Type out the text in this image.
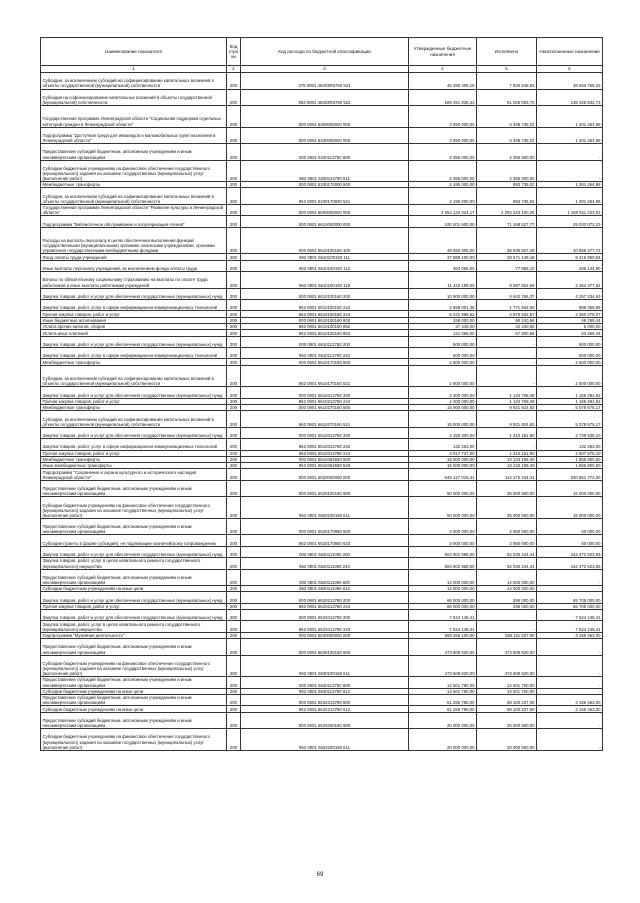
Наименование показателя	Код стро ки	Код расхода по бюджетной классификации	Утвержденные бюджетные назначения	Исполнено	Неисполненные назначения
1	2	3	4	5	6
Субсидии, за исключением субсидий на софинансирование капитальных вложений в объекты государственной (муниципальной) собственности	200	075 0801 48403R5760 521	46 390 406,18	7 826 648,93	38 563 759,23
Субсидии на софинансирование капитальных вложений в объекты государственной (муниципальной) собственности	200	983 0801 48403R5760 522	189 451 836,43	51 025 003,70	138 426 832,73
Государственная программа Ленинградской области "Социальная поддержка отдельных категорий граждан в Ленинградской области"	200	000 0801 5300000000 000	4 550 000,00	3 348 735,02	1 201 264,98
Подпрограмма "Доступная среда для инвалидов и маломобильных групп населения в Ленинградской области"	200	000 0801 5330000000 000	4 550 000,00	3 348 735,02	1 201 264,98
Предоставление субсидий бюджетным, автономным учреждениям и иным некоммерческим организациям	200	000 0801 5330113780 600	2 355 000,00	2 355 000,00	-
Субсидии бюджетным учреждениям на финансовое обеспечение государственного (муниципального) задания на оказание государственных (муниципальных) услуг (выполнение работ)	200	962 0801 5330113780 611	2 355 000,00	2 355 000,00	-
Межбюджетные трансферты	200	000 0801 5330170000 500	2 195 000,00	993 735,02	1 201 264,98
Субсидии, за исключением субсидий на софинансирование капитальных вложений в объекты государственной (муниципальной) собственности	200	962 0801 5330170930 521	2 195 000,00	993 735,02	1 201 264,98
Государственная программа Ленинградской области "Развитие культуры в Ленинградской области"	200	000 0801 6600000000 000	3 654 134 324,17	2 293 223 100,26	1 360 911 223,91
Подпрограмма "Библиотечное обслуживание и популяризация чтения"	200	000 0801 6610000000 000	100 201 600,00	71 168 527,77	29 033 072,23
Расходы на выплаты персоналу в целях обеспечения выполнения функций государственными (муниципальными) органами, казенными учреждениями, органами управления государственными внебюджетными фондами	200	000 0801 6610100160 100	49 693 305,00	38 836 827,28	10 856 477,72
Фонд оплаты труда учреждений	200	962 0801 6610100160 111	37 888 100,00	28 671 149,46	9 216 950,54
Иные выплаты персоналу учреждений, за исключением фонда оплаты труда	200	962 0801 6610100160 112	363 066,00	77 855,10	285 144,90
Взносы по обязательному социальному страхованию на выплаты по оплате труда работников и иные выплаты работникам учреждений	200	962 0801 6610100160 119	11 442 199,00	9 087 822,69	2 354 377,32
Закупка товаров, работ и услуг для обеспечения государственных (муниципальных) нужд	200	000 0801 6610100160 200	10 900 000,00	6 642 765,37	4 257 234,63
Закупка товаров, работ, услуг в сфере информационно-коммуникационных технологий	200	962 0801 6610100160 242	2 658 001,38	1 771 942,60	886 058,58
Прочая закупка товаров, работ и услуг	200	962 0801 6610100160 244	8 231 998,62	4 870 922,57	3 360 076,07
Иные бюджетные ассигнования	200	000 0801 6610100160 800	158 000,00	90 240,56	69 259,44
Уплата прочих налогов, сборов	200	962 0801 6610100160 852	37 449,00	32 440,00	5 000,00
Уплата иных платежей	200	962 0801 6610100160 853	121 066,00	57 800,56	63 259,44
Закупка товаров, работ и услуг для обеспечения государственных (муниципальных) нужд	200	000 0801 6610113780 200	500 000,00	-	500 000,00
Закупка товаров, работ, услуг в сфере информационно-коммуникационных технологий	200	962 0801 6610113780 242	500 000,00	-	500 000,00
Межбюджетные трансферты	200	000 0801 6610170160 500	2 500 000,00	-	2 500 000,00
Субсидии, за исключением субсидий на софинансирование капитальных вложений в объекты государственной (муниципальной) собственности	200	962 0801 6610170160 521	2 500 000,00	-	2 500 000,00
Закупка товаров, работ и услуг для обеспечения государственных (муниципальных) нужд	200	000 0801 6610213780 200	2 300 000,00	1 134 708,48	1 165 291,52
Прочая закупка товаров, работ и услуг	200	962 0801 6610213780 244	2 300 000,00	1 134 708,48	1 165 291,52
Межбюджетные трансферты	200	000 0801 6610270160 500	15 000 000,00	9 921 824,83	5 078 675,17
Субсидии, за исключением субсидий на софинансирование капитальных вложений в объекты государственной (муниципальной) собственности	200	962 0801 6610270160 521	15 000 000,00	9 921 824,83	5 078 675,17
Закупка товаров, работ и услуг для обеспечения государственных (муниципальных) нужд	200	000 0801 6610313780 200	4 150 300,00	1 410 161,90	2 739 538,10
Закупка товаров, работ, услуг в сфере информационно-коммуникационных технологий	200	962 0801 6610313780 242	132 263,00	-	132 263,00
Прочая закупка товаров, работ и услуг	200	962 0801 6610313780 244	4 017 737,00	1 410 161,90	2 607 575,10
Межбюджетные трансферты	200	000 0801 6610454550 500	15 000 000,00	13 133 199,40	1 866 800,60
Иные межбюджетные трансферты	200	962 0801 6610454550 540	15 000 000,00	13 133 199,40	1 866 800,60
Подпрограмма "Сохранение и охрана культурного и исторического наследия Ленинградской области"	200	000 0801 6620000000 000	645 127 016,41	114 275 244,41	530 851 772,00
Предоставление субсидий бюджетным, автономным учреждениям и иным некоммерческим организациям	200	000 0801 6620100160 600	50 000 000,00	35 000 000,00	15 000 000,00
Субсидии бюджетным учреждениям на финансовое обеспечение государственного (муниципального) задания на оказание государственных (муниципальных) услуг (выполнение работ)	200	962 0801 6620100160 611	50 000 000,00	35 000 000,00	15 000 000,00
Предоставление субсидий бюджетным, автономным учреждениям и иным некоммерческим организациям	200	000 0801 6620170950 600	3 000 000,00	2 950 000,00	50 000,00
Субсидии (гранты в форме субсидий), не подлежащие казначейскому сопровождению	200	962 0801 6620170950 633	3 000 000,00	2 950 000,00	50 000,00
Закупка товаров, работ и услуг для обеспечения государственных (муниципальных) нужд	200	000 0801 6620111090 200	504 902 968,00	62 030 244,41	442 472 623,59
Закупка товаров, работ, услуг в целях капитального ремонта государственного (муниципального) имущества	200	962 0801 6620111090 243	504 902 968,00	62 030 244,41	442 472 623,59
Предоставление субсидий бюджетным, автономным учреждениям и иным некоммерческим организациям	200	000 0801 6620111090 600	14 000 000,00	14 000 000,00	-
Субсидии бюджетным учреждениям на иные цели	200	962 0801 6620111090 612	14 000 000,00	14 000 000,00	-
Закупка товаров, работ и услуг для обеспечения государственных (муниципальных) нужд	200	000 0801 6620213780 200	66 000 000,00	295 000,00	65 705 000,00
Прочая закупка товаров, работ и услуг	200	962 0801 6620213780 244	66 000 000,00	295 000,00	65 705 000,00
Закупка товаров, работ и услуг для обеспечения государственных (муниципальных) нужд	200	000 0801 6623413780 200	7 624 148,41	-	7 624 148,41
Закупка товаров, работ, услуг в целях капитального ремонта государственного (муниципального) имущества	200	962 0801 6623413780 243	7 624 148,41	-	7 624 148,41
Подпрограмма "Музейная деятельность"	200	000 0801 6630000000 000	569 266 100,00	566 111 637,00	3 156 463,00
Предоставление субсидий бюджетным, автономным учреждениям и иным некоммерческим организациям	200	000 0801 6630100160 600	473 609 620,00	473 609 620,00	-
Субсидии бюджетным учреждениям на финансовое обеспечение государственного (муниципального) задания на оказание государственных (муниципальных) услуг (выполнение работ)	200	962 0801 6630100160 611	473 609 620,00	473 609 620,00	-
Предоставление субсидий бюджетным, автономным учреждениям и иным некоммерческим организациям	200	000 0801 6630113780 600	14 601 760,00	14 601 760,00	-
Субсидии бюджетным учреждениям на иные цели	200	962 0801 6630113780 612	14 601 760,00	14 601 760,00	-
Предоставление субсидий бюджетным, автономным учреждениям и иным некоммерческим организациям	200	000 0801 6632213780 600	61 256 780,00	58 100 237,00	3 156 463,00
Субсидии бюджетным учреждениям на иные цели	200	962 0801 6632213780 612	61 256 780,00	58 100 237,00	3 156 463,00
Предоставление субсидий бюджетным, автономным учреждениям и иным некоммерческим организациям	200	000 0801 6633200160 600	20 000 000,00	20 000 000,00	-
Субсидии бюджетным учреждениям на финансовое обеспечение государственного (муниципального) задания на оказание государственных (муниципальных) услуг (выполнение работ)	200	962 0801 6633200160 611	20 000 000,00	20 000 000,00	-
69
